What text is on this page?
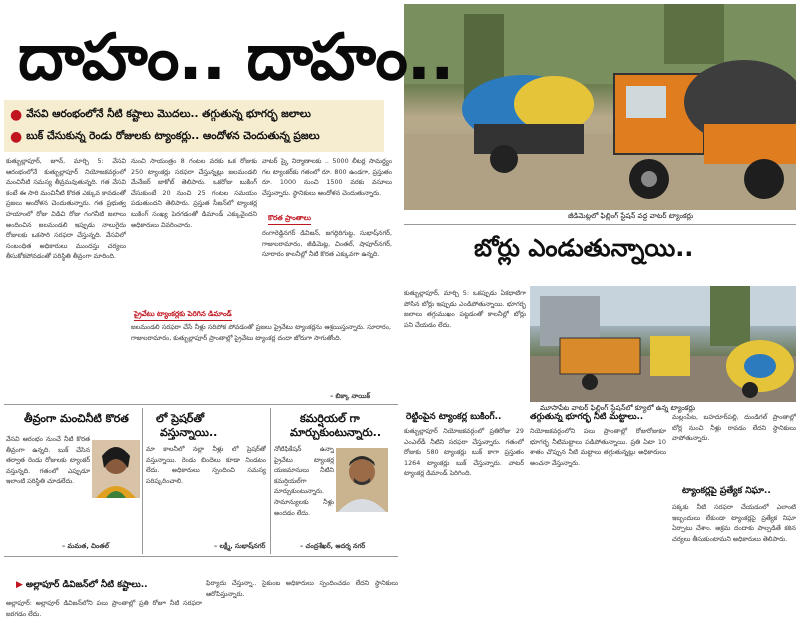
దాహం.. దాహం..
జీడిమెట్లలో ఫిల్లింగ్ స్టేషన్ వద్ద వాటర్ ట్యాంకర్లు
● వేసవి ఆరంభంలోనే నీటి కష్టాలు మొదలు.. తగ్గుతున్న భూగర్భ జలాలు
● బుక్ చేసుకున్న రెండు రోజులకు ట్యాంకర్లు.. ఆందోళన చెందుతున్న ప్రజలు
కుత్బుల్లాపూర్, జూన్, మార్చి 5: వేసవి ఆరంభంలోనే కుత్బుల్లాపూర్ నియోజకవర్గంలో మంచినీటి సమస్య తీవ్రమవుతున్నది. గత వేసవి కంటే ఈ సారి మంచినీటి కొరత ఎక్కువ కావడంతో ప్రజలు ఆందోళన చెందుతున్నారు. గత ప్రభుత్వ హయాంలో రోజు విడిచి రోజు గంగనీటి జలాలు అందించిన జలమండలి ఇప్పుడు నాలుగైదు రోజులకు ఒకసారి సరఫరా చేస్తున్నది. వేసవిలో సంబంధిత అధికారులు ముందస్తు చర్యలు తీసుకోకపోవడంతో పరిస్థితి తీవ్రంగా మారింది.
నుంచి సాయంత్రం 8 గంటల వరకు ఒక రోజుకు 250 ట్యాంకర్లు సరఫరా చేస్తున్నట్లు జలమండలి మేనేజర్ జాకోబ్ తెలిపారు. ఒకరోజు బుకింగ్ చేసుకుంటే 20 నుంచి 25 గంటల సమయం పడుతుందని తెలిపారు. ప్రస్తుత సీజన్‌లో ట్యాంకర్ల బుకింగ్ సంఖ్య పెరగడంతో డిమాండ్ ఎక్కువైందని అధికారులు వివరించారు.
వాటర్ స్కై నిర్మాణాలకు .. 5000 లీటర్ల సామర్థ్యం గల ట్యాంకర్‌కు గతంలో రూ. 800 ఉండగా, ప్రస్తుతం రూ. 1000 నుంచి 1500 వరకు వసూలు చేస్తున్నారు. స్థానికులు ఆందోళన చెందుతున్నారు.
కొరత ప్రాంతాలు
రంగారెడ్డినగర్ డివిజన్, జగద్గిరిగుట్ట, సుభాష్‌నగర్, గాజులరామారం, జీడిమెట్ల, చింతల్, షాపూర్‌నగర్, సూరారం కాలనీల్లో నీటి కొరత ఎక్కువగా ఉన్నది.
ప్రైవేటు ట్యాంకర్లకు పెరిగిన డిమాండ్
జలమండలి సరఫరా చేసే నీళ్లు సరిపోక పోవడంతో ప్రజలు ప్రైవేటు ట్యాంకర్లను ఆశ్రయిస్తున్నారు. సూరారం, గాజులరామారం, కుత్బుల్లాపూర్ ప్రాంతాల్లో ప్రైవేటు ట్యాంకర్ల దందా జోరుగా సాగుతోంది.
– బిక్కా నాయిక్
బోర్లు ఎండుతున్నాయి..
కుత్బుల్లాపూర్, మార్చి 5: ఒకప్పుడు ఏకధాటిగా పోసిన బోర్లు ఇప్పుడు ఎండిపోతున్నాయి. భూగర్భ జలాలు తగ్గుముఖం పట్టడంతో కాలనీల్లో బోర్లు పని చేయడం లేదు.
మూసాపేట వాటర్ ఫిల్లింగ్ స్టేషన్‌లో క్యూలో ఉన్న ట్యాంకర్లు
తీవ్రంగా మంచినీటి కొరత
వేసవి ఆరంభం నుంచే నీటి కొరత తీవ్రంగా ఉన్నది. బుక్ చేసిన తర్వాత రెండు రోజులకు ట్యాంకర్ వస్తున్నది. గతంలో ఎప్పుడూ ఇలాంటి పరిస్థితి చూడలేదు.
– మమత, చింతల్
లో ప్రెషర్‌తో
వస్తున్నాయి..
మా కాలనీలో నల్లా నీళ్లు లో ప్రెషర్‌తో వస్తున్నాయి. రెండు బిందెలు కూడా నిండటం లేదు. అధికారులు స్పందించి సమస్య పరిష్కరించాలి.
– లక్ష్మీ, సుభాష్‌నగర్
కమర్షియల్ గా
మార్చుకుంటున్నారు..
నోటిఫికేషన్ ఉన్నా ప్రైవేటు ట్యాంకర్ల యజమానులు నీటిని కమర్షియల్‌గా మార్చుకుంటున్నారు. సామాన్యులకు నీళ్లు అందడం లేదు.
– చంద్రశేఖర్, ఆదర్శ నగర్
రెట్టింపైన ట్యాంకర్ల బుకింగ్..
కుత్బుల్లాపూర్ నియోజకవర్గంలో ప్రతిరోజు 29 ఎంఎల్‌డీ నీటిని సరఫరా చేస్తున్నారు. గతంలో రోజుకు 580 ట్యాంకర్లు బుక్ కాగా ప్రస్తుతం 1264 ట్యాంకర్లు బుక్ చేస్తున్నారు. వాటర్ ట్యాంకర్ల డిమాండ్ పెరిగింది.
తగ్గుతున్న భూగర్భ నీటి మట్టాలు..
నియోజకవర్గంలోని పలు ప్రాంతాల్లో రోజురోజుకూ భూగర్భ నీటిమట్టాలు పడిపోతున్నాయి. ప్రతి ఏటా 10 శాతం చొప్పున నీటి మట్టాలు తగ్గుతున్నట్లు అధికారులు అంచనా వేస్తున్నారు.
మల్లంపేట, బహదూర్‌పల్లి, దుండిగల్ ప్రాంతాల్లో బోర్ల నుంచి నీళ్లు రావడం లేదని స్థానికులు వాపోతున్నారు.
ట్యాంకర్లపై ప్రత్యేక నిఘా..
పక్కకు నీటి సరఫరా చేయడంలో ఎలాంటి ఇబ్బందులు లేకుండా ట్యాంకర్లపై ప్రత్యేక నిఘా ఏర్పాటు చేశాం. అక్రమ దందాకు పాల్పడితే కఠిన చర్యలు తీసుకుంటామని అధికారులు తెలిపారు.
▶ అల్లాపూర్ డివిజన్‌లో నీటి కష్టాలు..
అల్లాపూర్: అల్లాపూర్ డివిజన్‌లోని పలు ప్రాంతాల్లో ప్రతి రోజూ నీటి సరఫరా జరగడం లేదు.
ఫిర్యాదు చేస్తున్నా.. సైకుంబ అధికారులు స్పందించడం లేదని స్థానికులు ఆరోపిస్తున్నారు.
